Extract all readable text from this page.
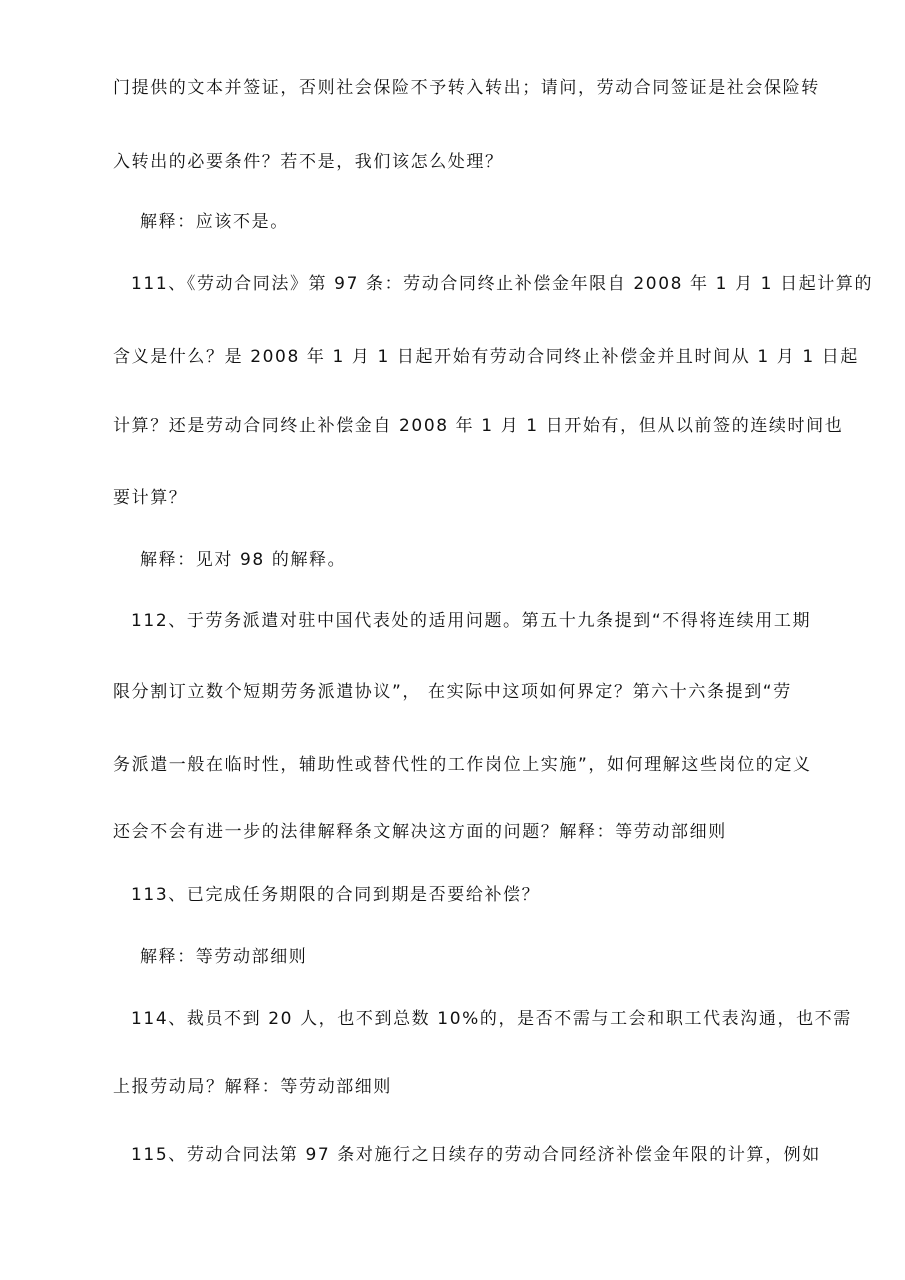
门提供的文本并签证，否则社会保险不予转入转出；请问，劳动合同签证是社会保险转
入转出的必要条件？若不是，我们该怎么处理？
解释：应该不是。
111、《劳动合同法》第 97 条：劳动合同终止补偿金年限自 2008 年 1 月 1 日起计算的
含义是什么？是 2008 年 1 月 1 日起开始有劳动合同终止补偿金并且时间从 1 月 1 日起
计算？还是劳动合同终止补偿金自 2008 年 1 月 1 日开始有，但从以前签的连续时间也
要计算？
解释：见对 98 的解释。
112、于劳务派遣对驻中国代表处的适用问题。第五十九条提到“不得将连续用工期
限分割订立数个短期劳务派遣协议”， 在实际中这项如何界定？第六十六条提到“劳
务派遣一般在临时性，辅助性或替代性的工作岗位上实施”，如何理解这些岗位的定义
还会不会有进一步的法律解释条文解决这方面的问题？解释：等劳动部细则
113、已完成任务期限的合同到期是否要给补偿？
解释：等劳动部细则
114、裁员不到 20 人，也不到总数 10%的，是否不需与工会和职工代表沟通，也不需
上报劳动局？解释：等劳动部细则
115、劳动合同法第 97 条对施行之日续存的劳动合同经济补偿金年限的计算，例如
